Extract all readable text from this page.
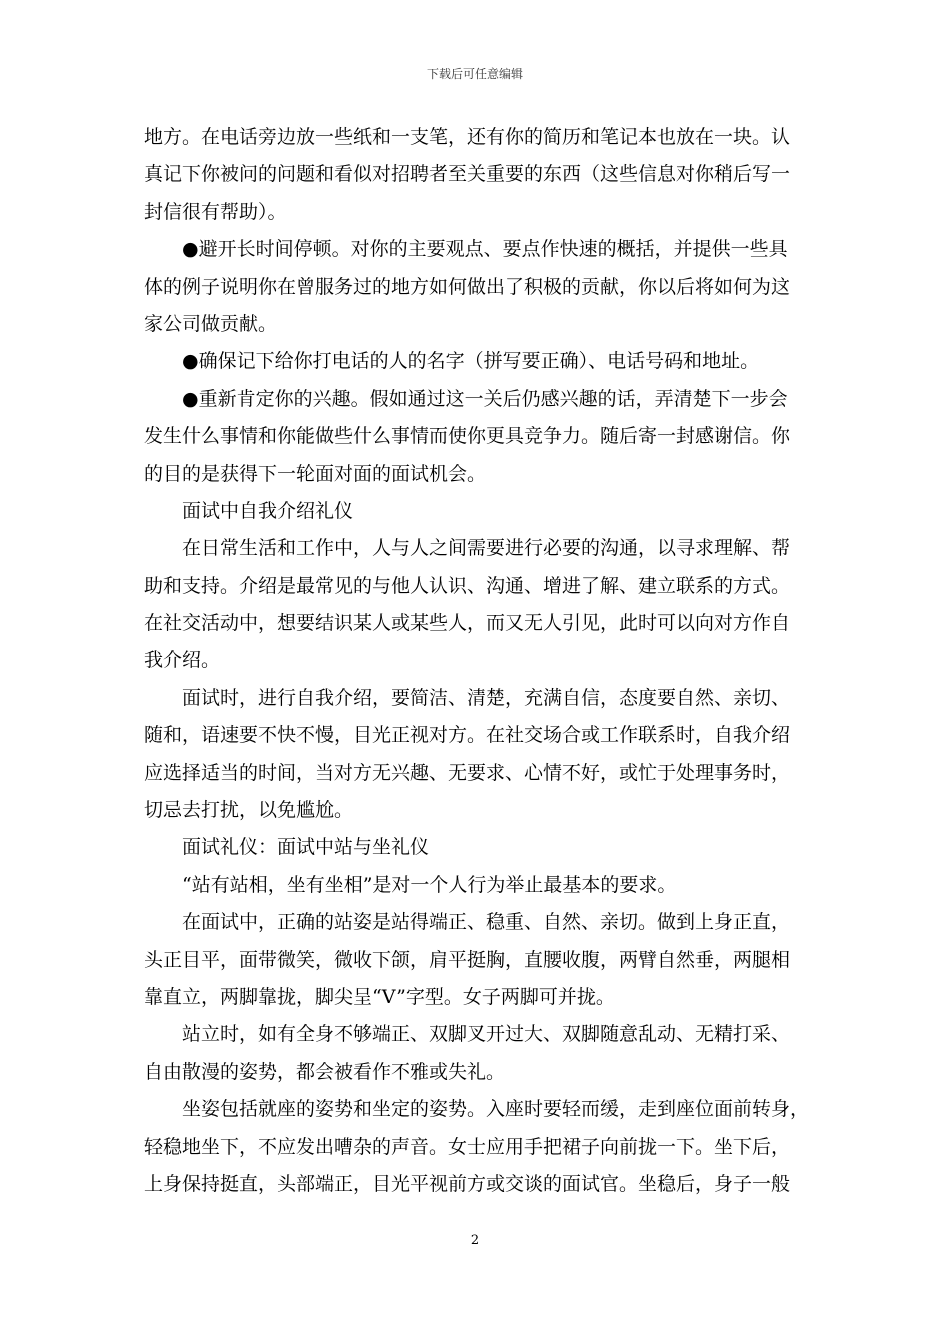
下载后可任意编辑
地方。在电话旁边放一些纸和一支笔，还有你的简历和笔记本也放在一块。认
真记下你被问的问题和看似对招聘者至关重要的东西（这些信息对你稍后写一
封信很有帮助）。
●避开长时间停顿。对你的主要观点、要点作快速的概括，并提供一些具
体的例子说明你在曾服务过的地方如何做出了积极的贡献，你以后将如何为这
家公司做贡献。
●确保记下给你打电话的人的名字（拼写要正确）、电话号码和地址。
●重新肯定你的兴趣。假如通过这一关后仍感兴趣的话，弄清楚下一步会
发生什么事情和你能做些什么事情而使你更具竞争力。随后寄一封感谢信。你
的目的是获得下一轮面对面的面试机会。
面试中自我介绍礼仪
在日常生活和工作中，人与人之间需要进行必要的沟通，以寻求理解、帮
助和支持。介绍是最常见的与他人认识、沟通、增进了解、建立联系的方式。
在社交活动中，想要结识某人或某些人，而又无人引见，此时可以向对方作自
我介绍。
面试时，进行自我介绍，要简洁、清楚，充满自信，态度要自然、亲切、
随和，语速要不快不慢，目光正视对方。在社交场合或工作联系时，自我介绍
应选择适当的时间，当对方无兴趣、无要求、心情不好，或忙于处理事务时，
切忌去打扰，以免尴尬。
面试礼仪：面试中站与坐礼仪
“站有站相，坐有坐相”是对一个人行为举止最基本的要求。
在面试中，正确的站姿是站得端正、稳重、自然、亲切。做到上身正直，
头正目平，面带微笑，微收下颌，肩平挺胸，直腰收腹，两臂自然垂，两腿相
靠直立，两脚靠拢，脚尖呈“V”字型。女子两脚可并拢。
站立时，如有全身不够端正、双脚叉开过大、双脚随意乱动、无精打采、
自由散漫的姿势，都会被看作不雅或失礼。
坐姿包括就座的姿势和坐定的姿势。入座时要轻而缓，走到座位面前转身，
轻稳地坐下，不应发出嘈杂的声音。女士应用手把裙子向前拢一下。坐下后，
上身保持挺直，头部端正，目光平视前方或交谈的面试官。坐稳后，身子一般
2
